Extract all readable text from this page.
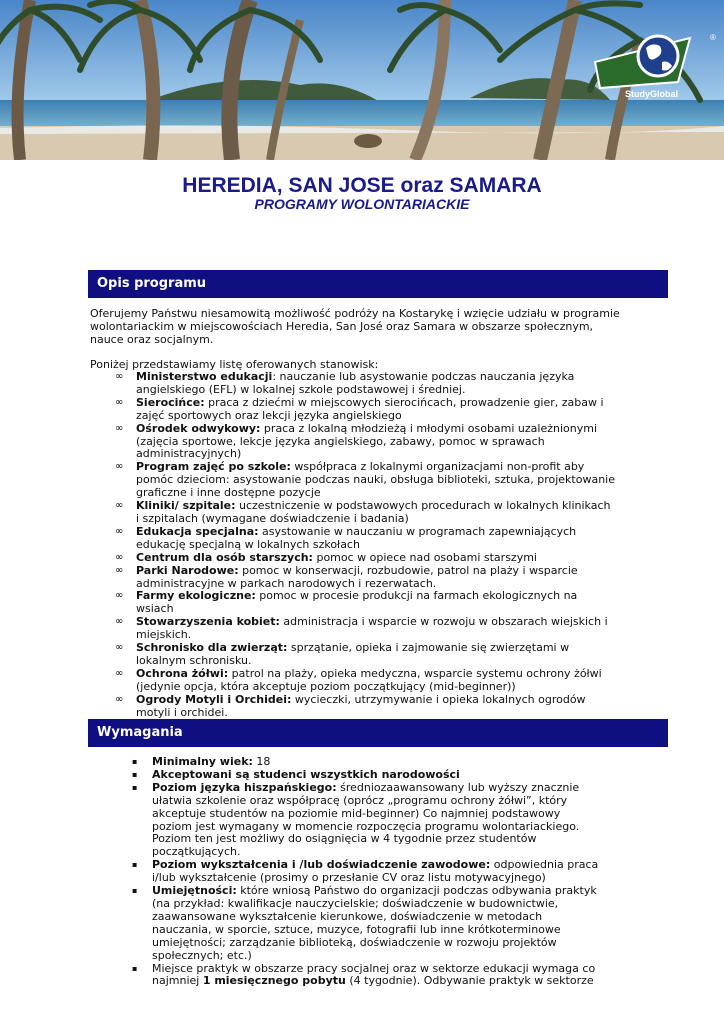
StudyGlobal
®
HEREDIA, SAN JOSE oraz SAMARA
PROGRAMY WOLONTARIACKIE
Opis programu

Oferujemy Państwu niesamowitą możliwość podróży na Kostarykę i wzięcie udziału w programie wolontariackim w miejscowościach Heredia, San José oraz Samara w obszarze społecznym, nauce oraz socjalnym.

Poniżej przedstawiamy listę oferowanych stanowisk:

∞ Ministerstwo edukacji: nauczanie lub asystowanie podczas nauczania języka angielskiego (EFL) w lokalnej szkole podstawowej i średniej.
∞ Sierocińce: praca z dziećmi w miejscowych sierocińcach, prowadzenie gier, zabaw i zajęć sportowych oraz lekcji języka angielskiego
∞ Ośrodek odwykowy: praca z lokalną młodzieżą i młodymi osobami uzależnionymi (zajęcia sportowe, lekcje języka angielskiego, zabawy, pomoc w sprawach administracyjnych)
∞ Program zajęć po szkole: współpraca z lokalnymi organizacjami non-profit aby pomóc dzieciom: asystowanie podczas nauki, obsługa biblioteki, sztuka, projektowanie graficzne i inne dostępne pozycje
∞ Kliniki/ szpitale: uczestniczenie w podstawowych procedurach w lokalnych klinikach i szpitalach (wymagane doświadczenie i badania)
∞ Edukacja specjalna: asystowanie w nauczaniu w programach zapewniających edukację specjalną w lokalnych szkołach
∞ Centrum dla osób starszych: pomoc w opiece nad osobami starszymi
∞ Parki Narodowe: pomoc w konserwacji, rozbudowie, patrol na plaży i wsparcie administracyjne w parkach narodowych i rezerwatach.
∞ Farmy ekologiczne: pomoc w procesie produkcji na farmach ekologicznych na wsiach
∞ Stowarzyszenia kobiet: administracja i wsparcie w rozwoju w obszarach wiejskich i miejskich.
∞ Schronisko dla zwierząt: sprzątanie, opieka i zajmowanie się zwierzętami w lokalnym schronisku.
∞ Ochrona żółwi: patrol na plaży, opieka medyczna, wsparcie systemu ochrony żółwi (jedynie opcja, która akceptuje poziom początkujący (mid-beginner))
∞ Ogrody Motyli i Orchidei: wycieczki, utrzymywanie i opieka lokalnych ogrodów motyli i orchidei.
Wymagania
▪ Minimalny wiek: 18
▪ Akceptowani są studenci wszystkich narodowości
▪ Poziom języka hiszpańskiego: średniozaawansowany lub wyższy znacznie ułatwia szkolenie oraz współpracę (oprócz „programu ochrony żółwi”, który akceptuje studentów na poziomie mid-beginner) Co najmniej podstawowy poziom jest wymagany w momencie rozpoczęcia programu wolontariackiego. Poziom ten jest możliwy do osiągnięcia w 4 tygodnie przez studentów początkujących.
▪ Poziom wykształcenia i /lub doświadczenie zawodowe: odpowiednia praca i/lub wykształcenie (prosimy o przesłanie CV oraz listu motywacyjnego)
▪ Umiejętności: które wniosą Państwo do organizacji podczas odbywania praktyk (na przykład: kwalifikacje nauczycielskie; doświadczenie w budownictwie, zaawansowane wykształcenie kierunkowe, doświadczenie w metodach nauczania, w sporcie, sztuce, muzyce, fotografii lub inne krótkoterminowe umiejętności; zarządzanie biblioteką, doświadczenie w rozwoju projektów społecznych; etc.)
▪ Miejsce praktyk w obszarze pracy socjalnej oraz w sektorze edukacji wymaga co najmniej 1 miesięcznego pobytu (4 tygodnie). Odbywanie praktyk w sektorze
